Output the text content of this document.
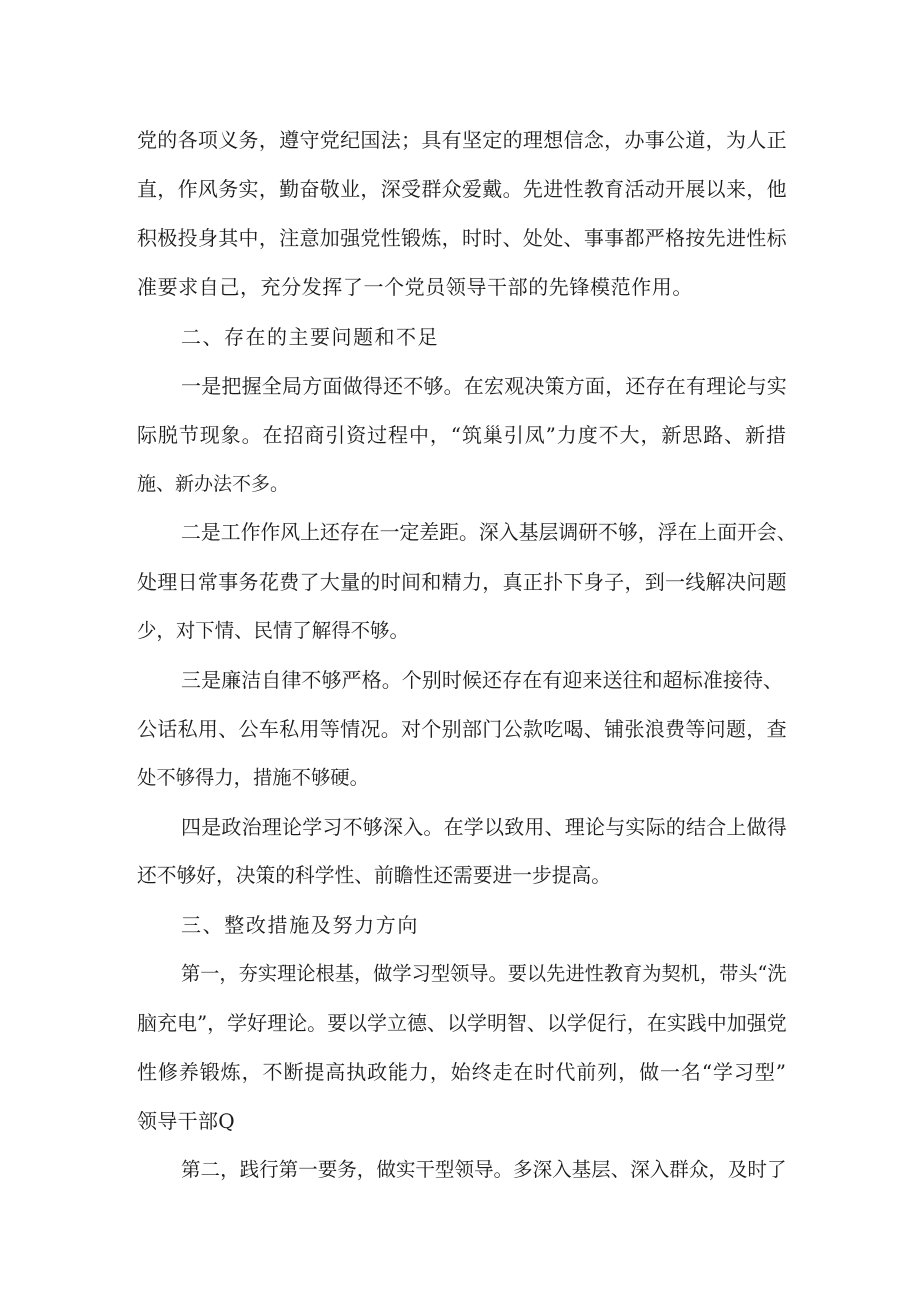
党的各项义务，遵守党纪国法；具有坚定的理想信念，办事公道，为人正
直，作风务实，勤奋敬业，深受群众爱戴。先进性教育活动开展以来，他
积极投身其中，注意加强党性锻炼，时时、处处、事事都严格按先进性标
准要求自己，充分发挥了一个党员领导干部的先锋模范作用。
二、存在的主要问题和不足
一是把握全局方面做得还不够。在宏观决策方面，还存在有理论与实
际脱节现象。在招商引资过程中，“筑巢引凤”力度不大，新思路、新措
施、新办法不多。
二是工作作风上还存在一定差距。深入基层调研不够，浮在上面开会、
处理日常事务花费了大量的时间和精力，真正扑下身子，到一线解决问题
少，对下情、民情了解得不够。
三是廉洁自律不够严格。个别时候还存在有迎来送往和超标准接待、
公话私用、公车私用等情况。对个别部门公款吃喝、铺张浪费等问题，查
处不够得力，措施不够硬。
四是政治理论学习不够深入。在学以致用、理论与实际的结合上做得
还不够好，决策的科学性、前瞻性还需要进一步提高。
三、整改措施及努力方向
第一，夯实理论根基，做学习型领导。要以先进性教育为契机，带头“洗
脑充电”，学好理论。要以学立德、以学明智、以学促行，在实践中加强党
性修养锻炼，不断提高执政能力，始终走在时代前列，做一名“学习型”
领导干部Q
第二，践行第一要务，做实干型领导。多深入基层、深入群众，及时了
